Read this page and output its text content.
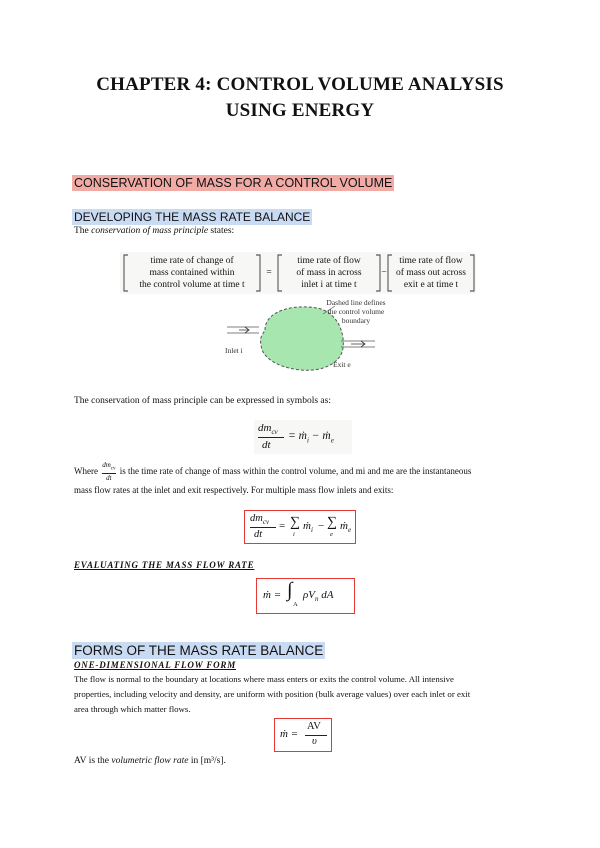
CHAPTER 4: CONTROL VOLUME ANALYSIS
USING ENERGY
CONSERVATION OF MASS FOR A CONTROL VOLUME
DEVELOPING THE MASS RATE BALANCE
The conservation of mass principle states:
time rate of change of
mass contained within
the control volume at time t
=
time rate of flow
of mass in across
inlet i at time t
−
time rate of flow
of mass out across
exit e at time t
Dashed line defines
the control volume
boundary
Inlet i
Exit e
The conservation of mass principle can be expressed in symbols as:
$dm_{cv}$
dt
= ṁ$_i$ − ṁ$_e$
Where
$dm_{cv}$
dt
is the time rate of change of mass within the control volume, and mi and me are the instantaneous
mass flow rates at the inlet and exit respectively. For multiple mass flow inlets and exits:
$dm_{cv}$
dt
= ∑
i
ṁ$_i$ − ∑
e
ṁ$_e$
EVALUATING THE MASS FLOW RATE
ṁ = ∫
A
$\rho V_n$ dA
FORMS OF THE MASS RATE BALANCE
ONE-DIMENSIONAL FLOW FORM
The flow is normal to the boundary at locations where mass enters or exits the control volume. All intensive
properties, including velocity and density, are uniform with position (bulk average values) over each inlet or exit
area through which matter flows.
ṁ =
AV
υ
AV is the volumetric flow rate in [m³/s].
